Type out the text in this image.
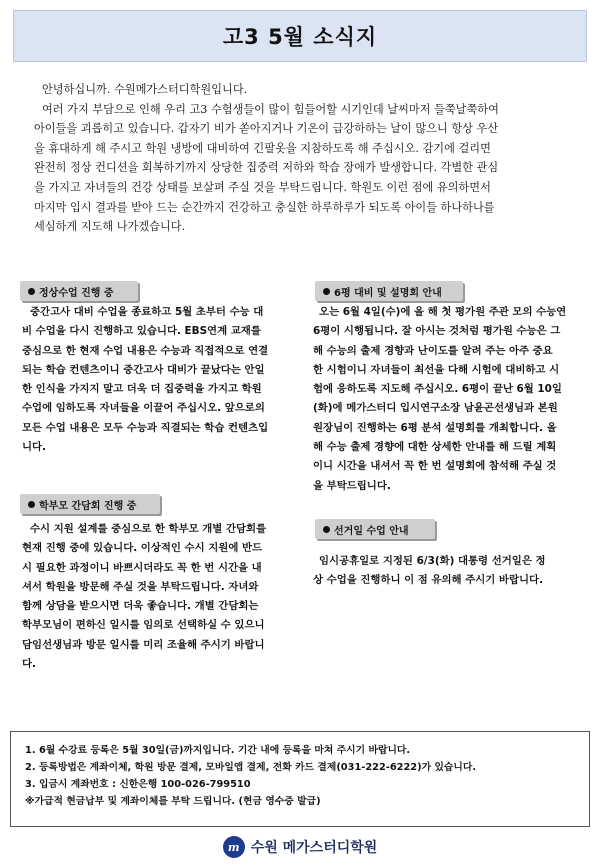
고3 5월 소식지

안녕하십니까. 수원메가스터디학원입니다.

여러 가지 부담으로 인해 우리 고3 수험생들이 많이 힘들어할 시기인데 날씨마저 들쭉날쭉하여

아이들을 괴롭히고 있습니다. 갑자기 비가 쏟아지거나 기온이 급강하하는 날이 많으니 항상 우산

을 휴대하게 해 주시고 학원 냉방에 대비하여 긴팔옷을 지참하도록 해 주십시오. 감기에 걸리면

완전히 정상 컨디션을 회복하기까지 상당한 집중력 저하와 학습 장애가 발생합니다. 각별한 관심

을 가지고 자녀들의 건강 상태를 보살펴 주실 것을 부탁드립니다. 학원도 이런 점에 유의하면서

마지막 입시 결과를 받아 드는 순간까지 건강하고 충실한 하루하루가 되도록 아이들 하나하나를

세심하게 지도해 나가겠습니다.

정상수업 진행 중

중간고사 대비 수업을 종료하고 5월 초부터 수능 대

비 수업을 다시 진행하고 있습니다. EBS연계 교재를

중심으로 한 현재 수업 내용은 수능과 직접적으로 연결

되는 학습 컨텐츠이니 중간고사 대비가 끝났다는 안일

한 인식을 가지지 말고 더욱 더 집중력을 가지고 학원

수업에 임하도록 자녀들을 이끌어 주십시오. 앞으로의

모든 수업 내용은 모두 수능과 직결되는 학습 컨텐츠입

니다.

학부모 간담회 진행 중

수시 지원 설계를 중심으로 한 학부모 개별 간담회를

현재 진행 중에 있습니다. 이상적인 수시 지원에 반드

시 필요한 과정이니 바쁘시더라도 꼭 한 번 시간을 내

셔서 학원을 방문해 주실 것을 부탁드립니다. 자녀와

함께 상담을 받으시면 더욱 좋습니다. 개별 간담회는

학부모님이 편하신 일시를 임의로 선택하실 수 있으니

담임선생님과 방문 일시를 미리 조율해 주시기 바랍니

다.

6평 대비 및 설명회 안내

오는 6월 4일(수)에 올 해 첫 평가원 주관 모의 수능연

6평이 시행됩니다. 잘 아시는 것처럼 평가원 수능은 그

해 수능의 출제 경향과 난이도를 알려 주는 아주 중요

한 시험이니 자녀들이 최선을 다해 시험에 대비하고 시

험에 응하도록 지도해 주십시오. 6평이 끝난 6월 10일

(화)에 메가스터디 입시연구소장 남윤곤선생님과 본원

원장님이 진행하는 6평 분석 설명회를 개최합니다. 올

해 수능 출제 경향에 대한 상세한 안내를 해 드릴 계획

이니 시간을 내셔서 꼭 한 번 설명회에 참석해 주실 것

을 부탁드립니다.

선거일 수업 안내

임시공휴일로 지정된 6/3(화) 대통령 선거일은 정

상 수업을 진행하니 이 점 유의해 주시기 바랍니다.

1. 6월 수강료 등록은 5월 30일(금)까지입니다. 기간 내에 등록을 마쳐 주시기 바랍니다.

2. 등록방법은 계좌이체, 학원 방문 결제, 모바일앱 결제, 전화 카드 결제(031-222-6222)가 있습니다.

3. 입금시 계좌번호 : 신한은행 100-026-799510

※가급적 현금납부 및 계좌이체를 부탁 드립니다. (현금 영수증 발급)

m 수원 메가스터디학원
